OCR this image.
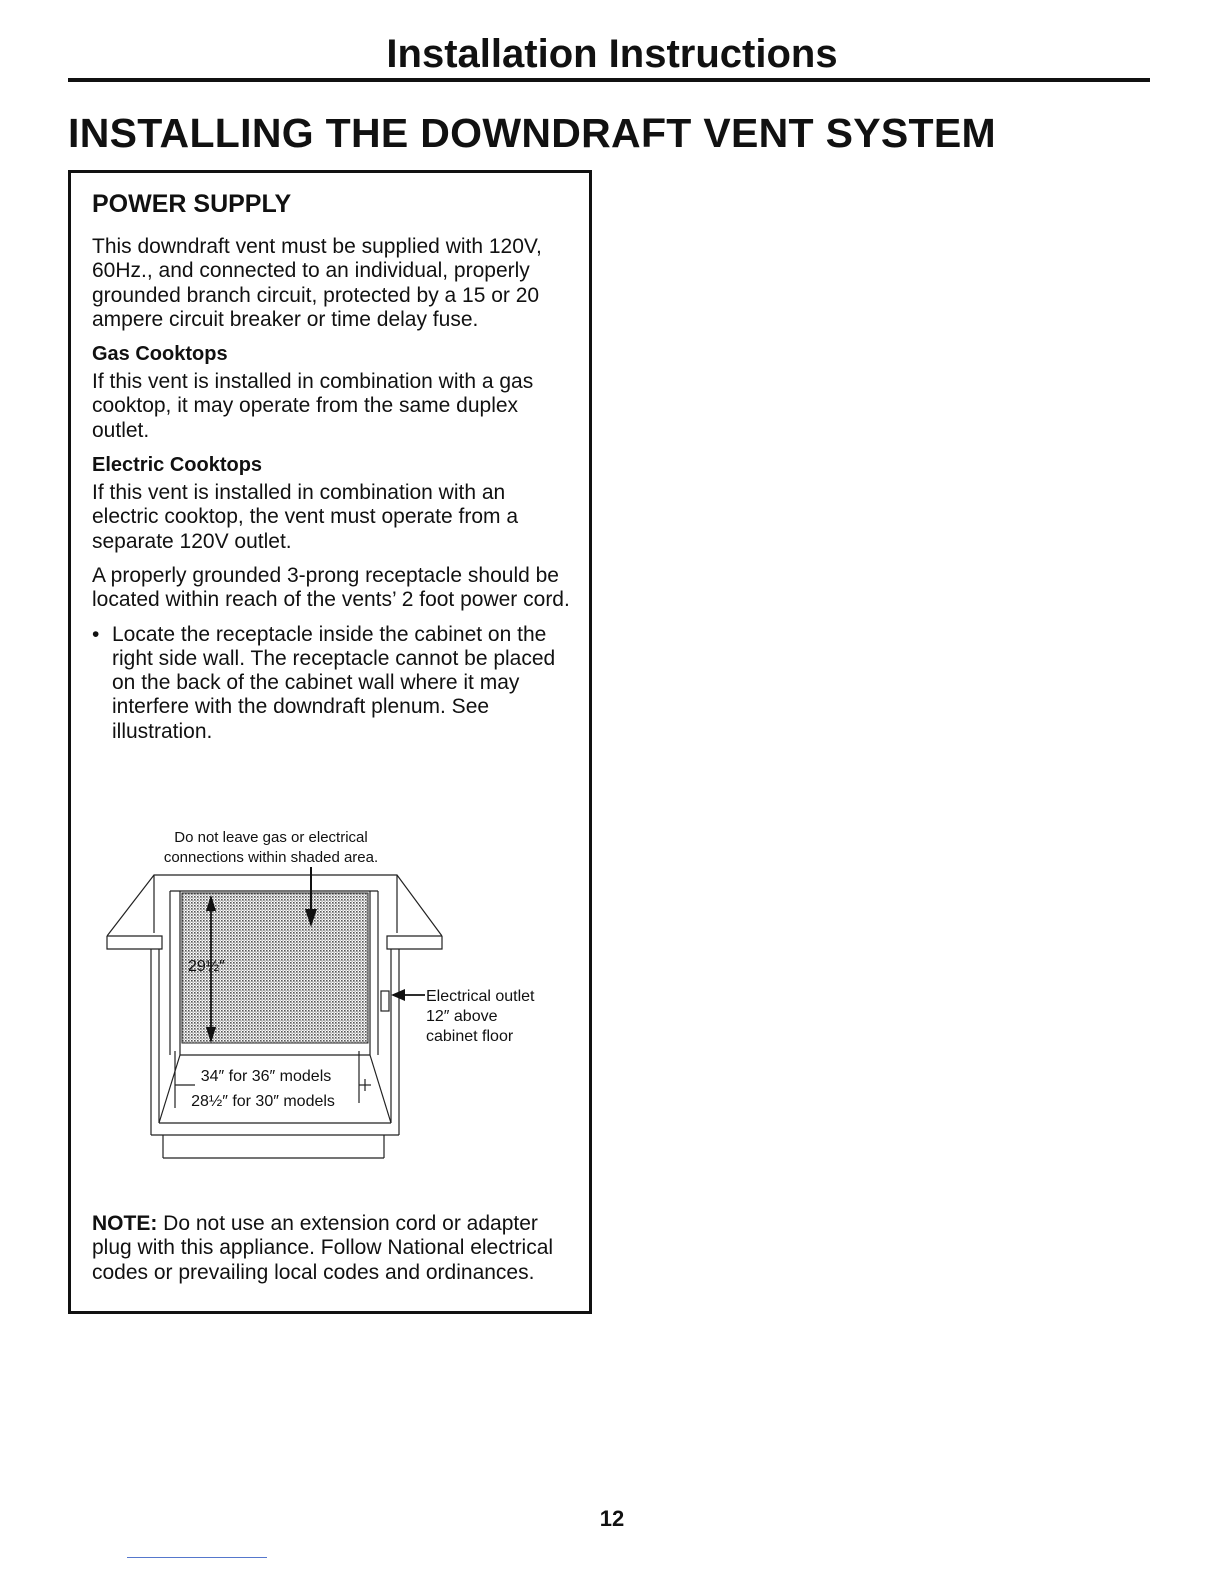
Installation Instructions
INSTALLING THE DOWNDRAFT VENT SYSTEM
POWER SUPPLY

This downdraft vent must be supplied with 120V, 60Hz., and connected to an individual, properly grounded branch circuit, protected by a 15 or 20 ampere circuit breaker or time delay fuse.

Gas Cooktops

If this vent is installed in combination with a gas cooktop, it may operate from the same duplex outlet.

Electric Cooktops

If this vent is installed in combination with an electric cooktop, the vent must operate from a separate 120V outlet.

A properly grounded 3-prong receptacle should be located within reach of the vents’ 2 foot power cord.

• Locate the receptacle inside the cabinet on the right side wall. The receptacle cannot be placed on the back of the cabinet wall where it may interfere with the downdraft plenum. See illustration.
Do not leave gas or electrical
connections within shaded area.
29½″
Electrical outlet
12″ above
cabinet floor
34″ for 36″ models
28½″ for 30″ models

NOTE: Do not use an extension cord or adapter plug with this appliance. Follow National electrical codes or prevailing local codes and ordinances.

12
